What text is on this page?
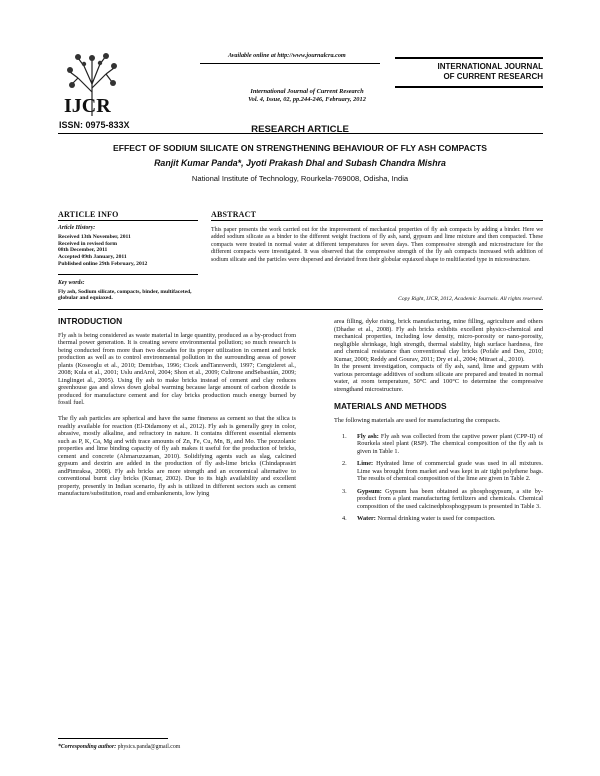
IJCR
Available online at http://www.journalcra.com
International Journal of Current Research
Vol. 4, Issue, 02, pp.244-246, February, 2012
INTERNATIONAL JOURNAL
OF CURRENT RESEARCH
ISSN: 0975-833X	RESEARCH ARTICLE
EFFECT OF SODIUM SILICATE ON STRENGTHENING BEHAVIOUR OF FLY ASH COMPACTS
Ranjit Kumar Panda*, Jyoti Prakash Dhal and Subash Chandra Mishra
National Institute of Technology, Rourkela-769008, Odisha, India
ARTICLE INFO
Article History:
Received 13th November, 2011
Received in revised form
08th December, 2011
Accepted 09th January, 2011
Published online 29th February, 2012
Key words:
Fly ash, Sodium silicate, compacts, binder, multifaceted, globular and equiaxed.
ABSTRACT
This paper presents the work carried out for the improvement of mechanical properties of fly ash compacts by adding a binder. Here we added sodium silicate as a binder to the different weight fractions of fly ash, sand, gypsum and lime mixture and then compacted. These compacts were treated in normal water at different temperatures for seven days. Then compressive strength and microstructure for the different compacts were investigated. It was observed that the compressive strength of the fly ash compacts increased with addition of sodium silicate and the particles were dispersed and deviated from their globular equiaxed shape to multifaceted type in microstructure.
Copy Right, IJCR, 2012, Academic Journals. All rights reserved.
INTRODUCTION

Fly ash is being considered as waste material in large quantity, produced as a by-product from thermal power generation. It is creating severe environmental pollution; so much research is being conducted from more than two decades for its proper utilization in cement and brick production as well as to control environmental pollution in the surrounding areas of power plants (Koseoglu et al., 2010; Demirbas, 1996; Cicek andTanrıverdi, 1997; Cengizleret al., 2008; Kula et al., 2001; Uslu andArol, 2004; Shon et al., 2009; Cultrone andSebastián, 2009; Linglinget al., 2005). Using fly ash to make bricks instead of cement and clay reduces greenhouse gas and slows down global warming because large amount of carbon dioxide is produced for manufacture cement and for clay bricks production much energy burned by fossil fuel.

The fly ash particles are spherical and have the same fineness as cement so that the silica is readily available for reaction (El-Didamony et al., 2012). Fly ash is generally grey in color, abrasive, mostly alkaline, and refractory in nature. It contains different essential elements such as P, K, Ca, Mg and with trace amounts of Zn, Fe, Cu, Mn, B, and Mo. The pozzolanic properties and lime binding capacity of fly ash makes it useful for the production of bricks, cement and concrete (Ahmaruzzaman, 2010). Solidifying agents such as slag, calcined gypsum and dextrin are added in the production of fly ash-lime bricks (Chindaprasirt andPimraksa, 2008). Fly ash bricks are more strength and an economical alternative to conventional burnt clay bricks (Kumar, 2002). Due to its high availability and excellent property, presently in Indian scenario, fly ash is utilized in different sectors such as cement manufacture/substitution, road and embankments, low lying

*Corresponding author: physics.panda@gmail.com

area filling, dyke rising, brick manufacturing, mine filling, agriculture and others (Dhadse et al., 2008). Fly ash bricks exhibits excellent physico-chemical and mechanical properties, including low density, micro-porosity or nano-porosity, negligible shrinkage, high strength, thermal stability, high surface hardness, fire and chemical resistance than conventional clay bricks (Pofale and Deo, 2010; Kumar, 2000; Reddy and Gourav, 2011; Dry et al., 2004; Mitraet al., 2010).

In the present investigation, compacts of fly ash, sand, lime and gypsum with various percentage additives of sodium silicate are prepared and treated in normal water, at room temperature, 50°C and 100°C to determine the compressive strengthand microstructure.

MATERIALS AND METHODS

The following materials are used for manufacturing the compacts.

1. Fly ash: Fly ash was collected from the captive power plant (CPP-II) of Rourkela steel plant (RSP). The chemical composition of the fly ash is given in Table 1.
2. Lime: Hydrated lime of commercial grade was used in all mixtures. Lime was brought from market and was kept in air tight polythene bags. The results of chemical composition of the lime are given in Table 2.
3. Gypsum: Gypsum has been obtained as phosphogypsum, a site by-product from a plant manufacturing fertilizers and chemicals. Chemical composition of the used calcinedphosphogypsum is presented in Table 3.
4. Water: Normal drinking water is used for compaction.
